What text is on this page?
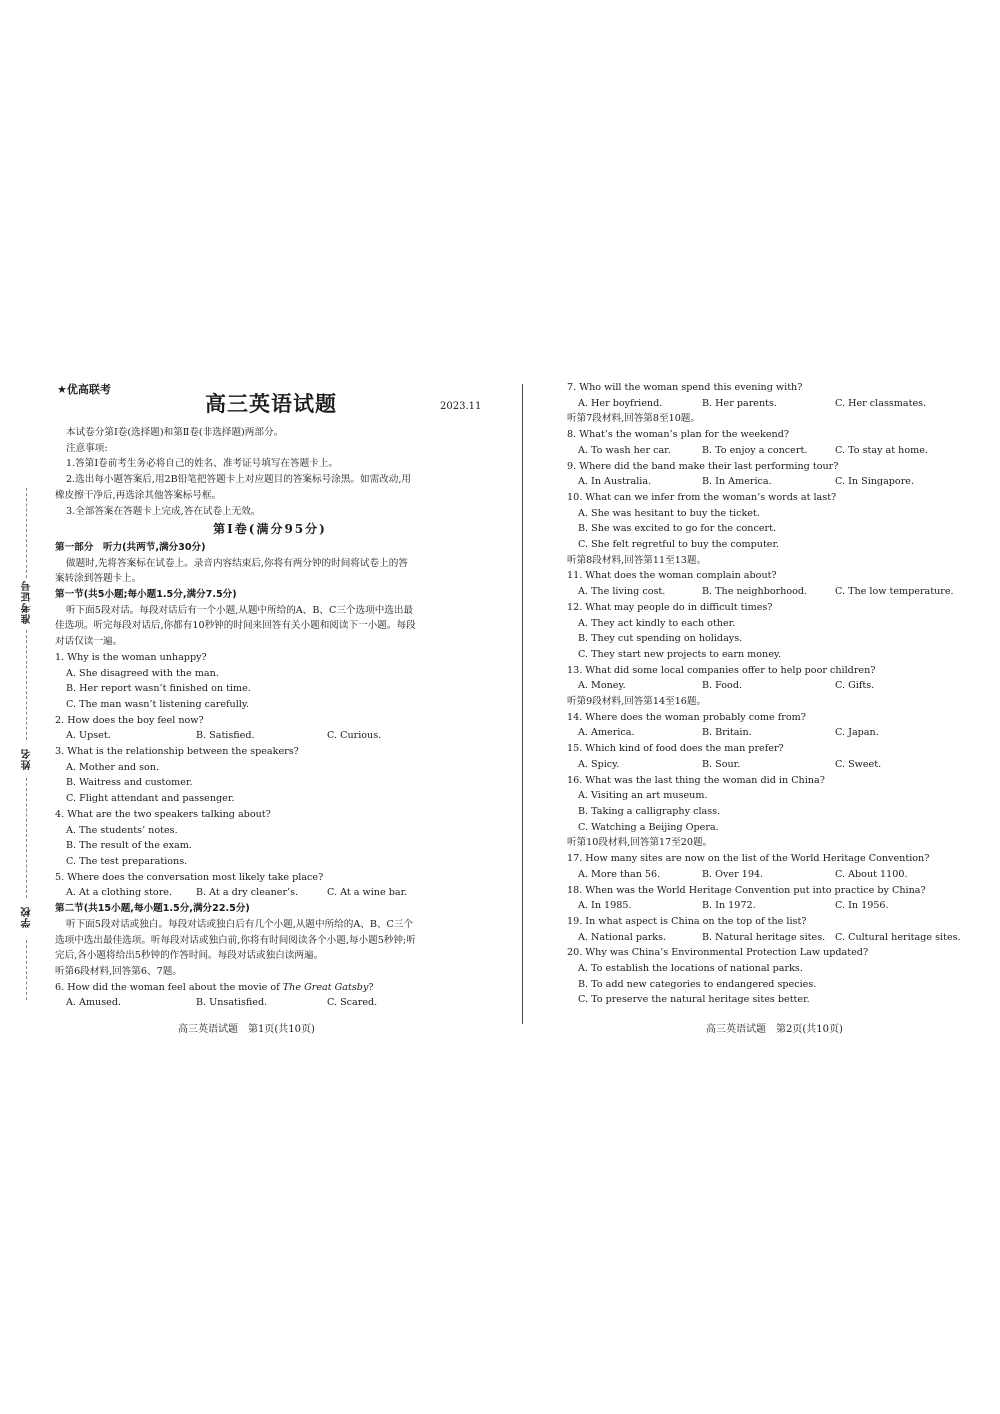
准考证号
姓名
学校
★优高联考
高三英语试题	2023.11

本试卷分第Ⅰ卷(选择题)和第Ⅱ卷(非选择题)两部分。

注意事项:

1.答第Ⅰ卷前考生务必将自己的姓名、准考证号填写在答题卡上。

2.选出每小题答案后,用2B铅笔把答题卡上对应题目的答案标号涂黑。如需改动,用

橡皮擦干净后,再选涂其他答案标号框。

3.全部答案在答题卡上完成,答在试卷上无效。

第Ⅰ卷(满分95分)

第一部分　听力(共两节,满分30分)

做题时,先将答案标在试卷上。录音内容结束后,你将有两分钟的时间将试卷上的答

案转涂到答题卡上。

第一节(共5小题;每小题1.5分,满分7.5分)

听下面5段对话。每段对话后有一个小题,从题中所给的A、B、C三个选项中选出最

佳选项。听完每段对话后,你都有10秒钟的时间来回答有关小题和阅读下一小题。每段

对话仅读一遍。

1. Why is the woman unhappy?

A. She disagreed with the man.

B. Her report wasn’t finished on time.

C. The man wasn’t listening carefully.

2. How does the boy feel now?

A. Upset.	B. Satisfied.	C. Curious.

3. What is the relationship between the speakers?

A. Mother and son.

B. Waitress and customer.

C. Flight attendant and passenger.

4. What are the two speakers talking about?

A. The students’ notes.

B. The result of the exam.

C. The test preparations.

5. Where does the conversation most likely take place?

A. At a clothing store.	B. At a dry cleaner’s.	C. At a wine bar.

第二节(共15小题,每小题1.5分,满分22.5分)

听下面5段对话或独白。每段对话或独白后有几个小题,从题中所给的A、B、C三个

选项中选出最佳选项。听每段对话或独白前,你将有时间阅读各个小题,每小题5秒钟;听

完后,各小题将给出5秒钟的作答时间。每段对话或独白读两遍。

听第6段材料,回答第6、7题。

6. How did the woman feel about the movie of The Great Gatsby?

A. Amused.	B. Unsatisfied.	C. Scared.

7. Who will the woman spend this evening with?

A. Her boyfriend.	B. Her parents.	C. Her classmates.

听第7段材料,回答第8至10题。

8. What’s the woman’s plan for the weekend?

A. To wash her car.	B. To enjoy a concert.	C. To stay at home.

9. Where did the band make their last performing tour?

A. In Australia.	B. In America.	C. In Singapore.

10. What can we infer from the woman’s words at last?

A. She was hesitant to buy the ticket.

B. She was excited to go for the concert.

C. She felt regretful to buy the computer.

听第8段材料,回答第11至13题。

11. What does the woman complain about?

A. The living cost.	B. The neighborhood.	C. The low temperature.

12. What may people do in difficult times?

A. They act kindly to each other.

B. They cut spending on holidays.

C. They start new projects to earn money.

13. What did some local companies offer to help poor children?

A. Money.	B. Food.	C. Gifts.

听第9段材料,回答第14至16题。

14. Where does the woman probably come from?

A. America.	B. Britain.	C. Japan.

15. Which kind of food does the man prefer?

A. Spicy.	B. Sour.	C. Sweet.

16. What was the last thing the woman did in China?

A. Visiting an art museum.

B. Taking a calligraphy class.

C. Watching a Beijing Opera.

听第10段材料,回答第17至20题。

17. How many sites are now on the list of the World Heritage Convention?

A. More than 56.	B. Over 194.	C. About 1100.

18. When was the World Heritage Convention put into practice by China?

A. In 1985.	B. In 1972.	C. In 1956.

19. In what aspect is China on the top of the list?

A. National parks.	B. Natural heritage sites.	C. Cultural heritage sites.

20. Why was China’s Environmental Protection Law updated?

A. To establish the locations of national parks.

B. To add new categories to endangered species.

C. To preserve the natural heritage sites better.

高三英语试题　第1页(共10页)	高三英语试题　第2页(共10页)
